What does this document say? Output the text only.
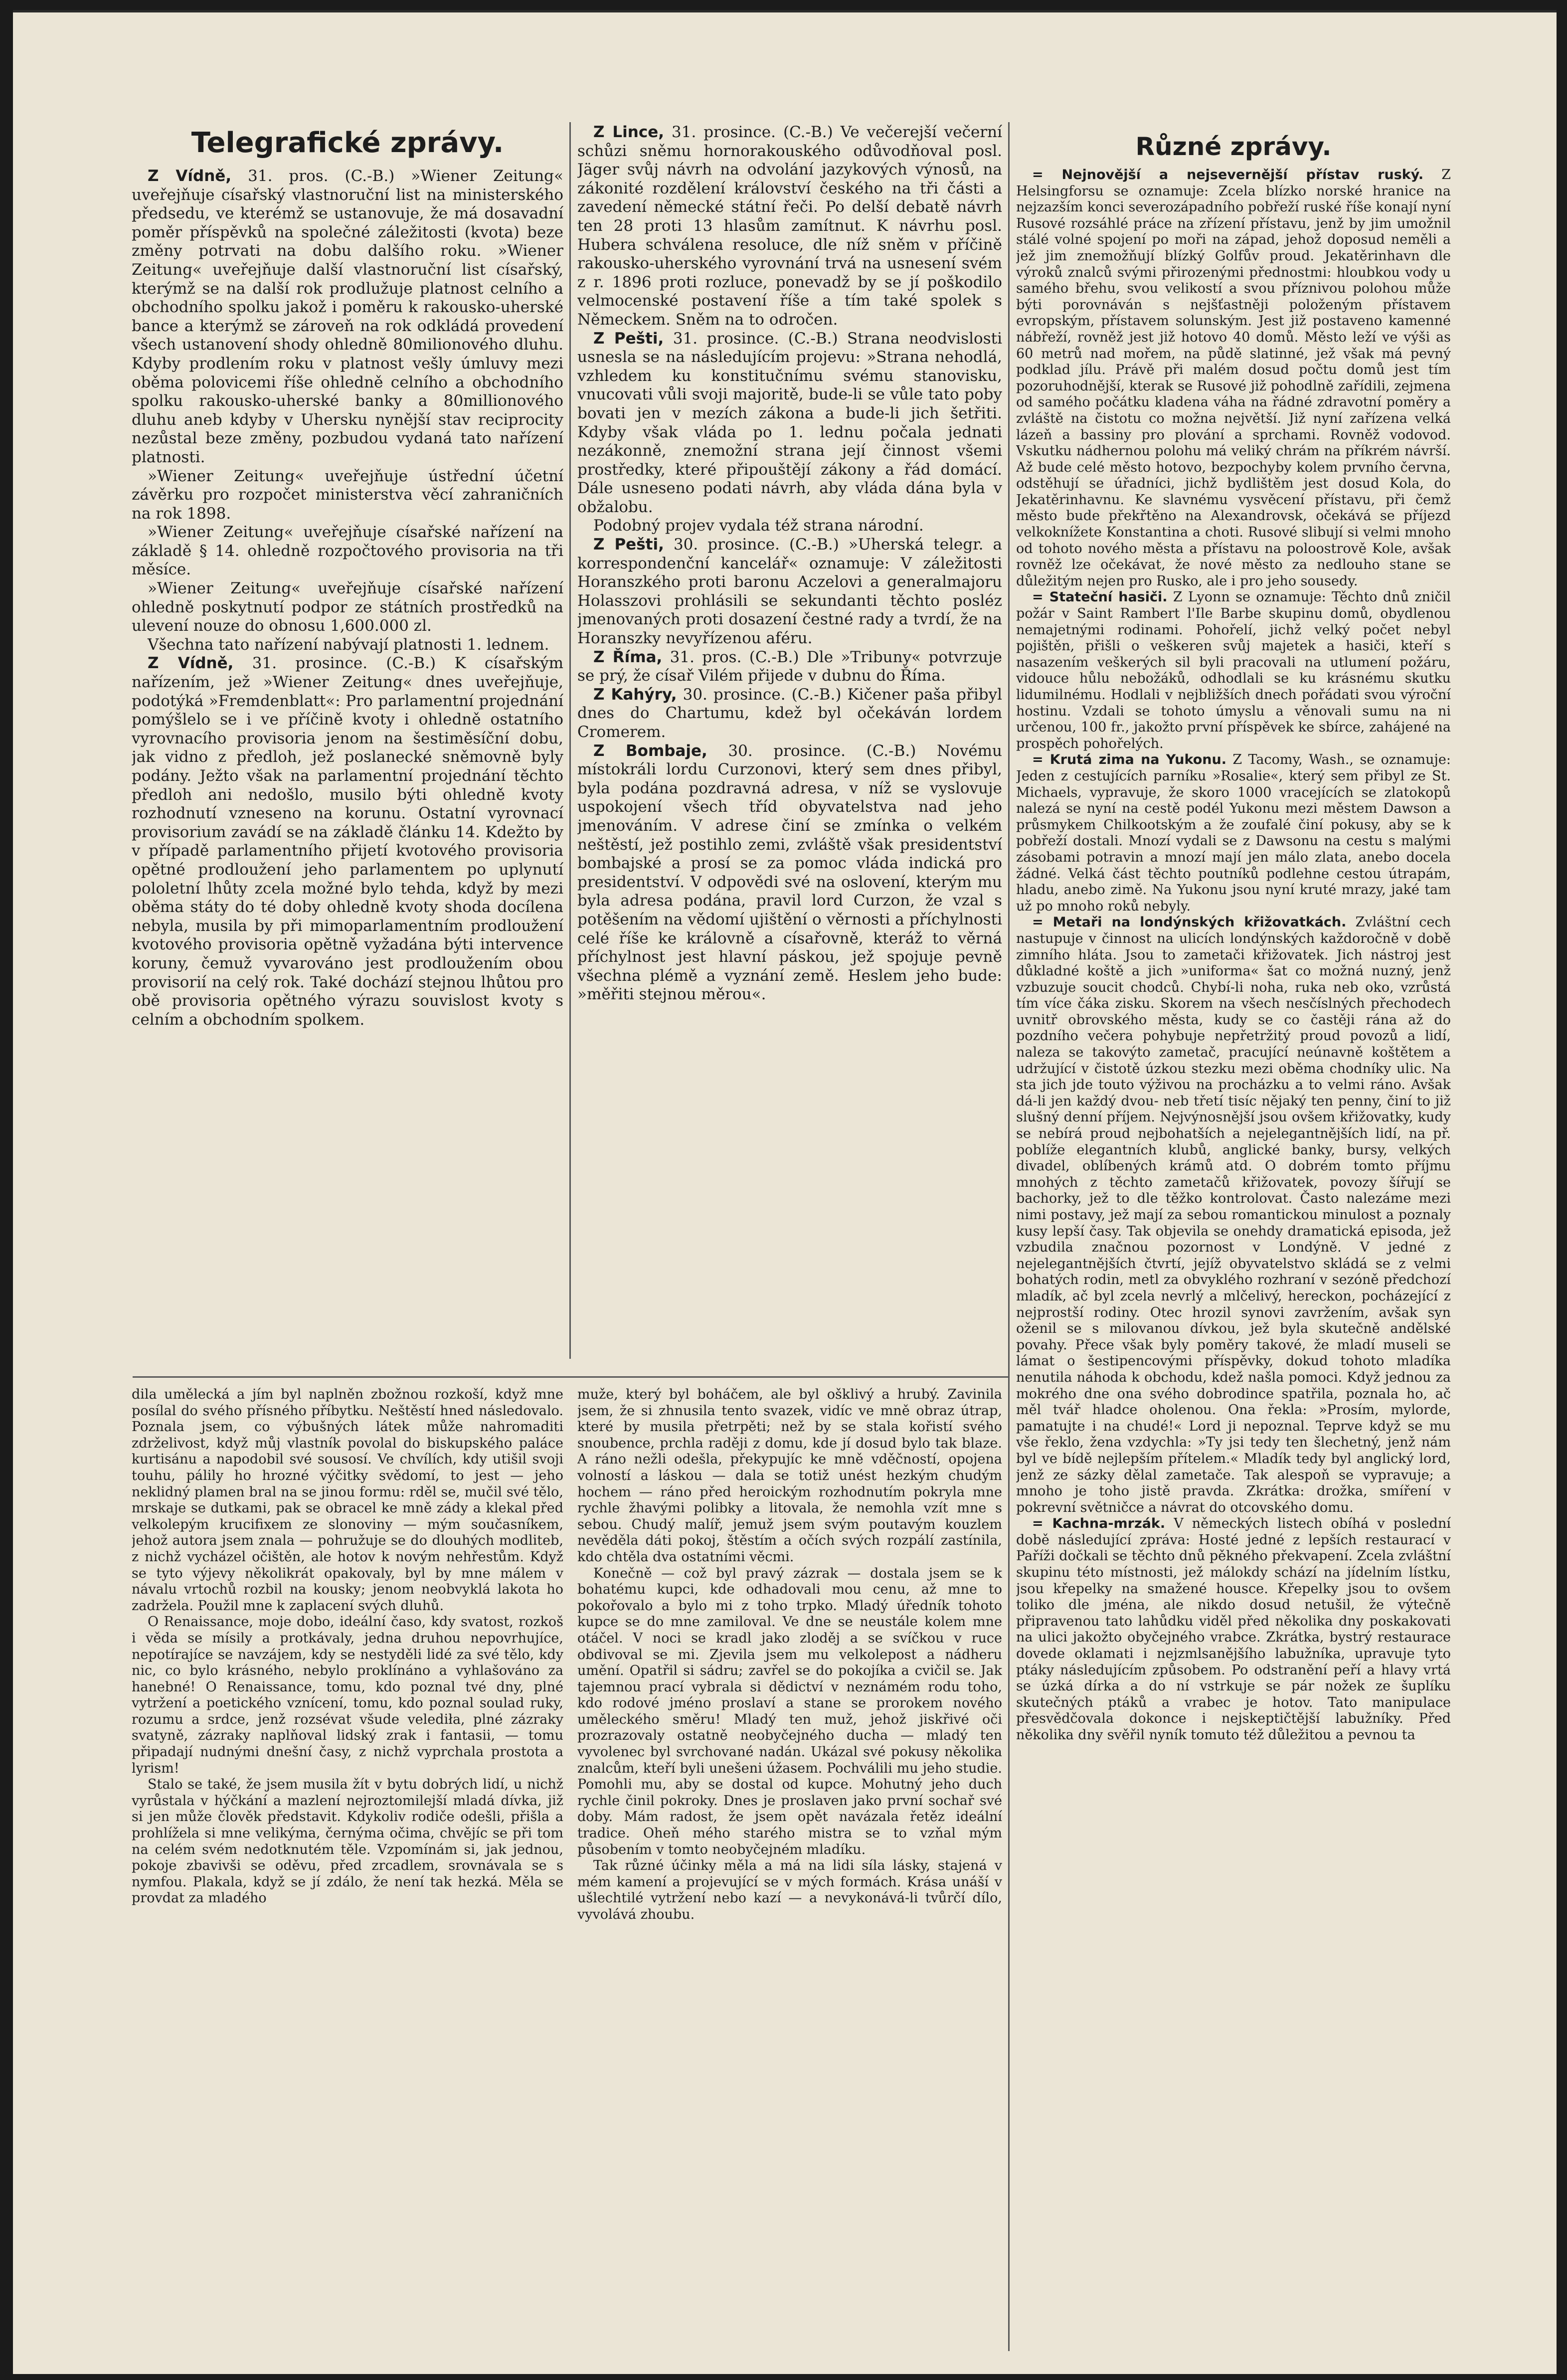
Telegrafické zprávy.

Z Vídně, 31. pros. (C.-B.) »Wiener Zeitung« uveřejňuje císařský vlastnoruční list na ministerského předsedu, ve kterémž se ustanovuje, že má dosavadní poměr příspěvků na společné záležitosti (kvota) beze změny potrvati na dobu dalšího roku. »Wiener Zeitung« uveřejňuje další vlastnoruční list císařský, kterýmž se na další rok prodlužuje platnost celního a obchodního spolku jakož i poměru k rakousko-uherské bance a kterýmž se zároveň na rok odkládá provedení všech ustanovení shody ohledně 80milionového dluhu. Kdyby prodlením roku v platnost vešly úmluvy mezi oběma polovicemi říše ohledně celního a obchodního spolku rakousko-uherské banky a 80millionového dluhu aneb kdyby v Uhersku nynější stav reciprocity nezůstal beze změny, pozbudou vydaná tato nařízení platnosti.

»Wiener Zeitung« uveřejňuje ústřední účetní závěrku pro rozpočet ministerstva věcí zahraničních na rok 1898.

»Wiener Zeitung« uveřejňuje císařské nařízení na základě § 14. ohledně rozpočtového provisoria na tři měsíce.

»Wiener Zeitung« uveřejňuje císařské nařízení ohledně poskytnutí podpor ze státních prostředků na ulevení nouze do obnosu 1,600.000 zl.

Všechna tato nařízení nabývají platnosti 1. lednem.

Z Vídně, 31. prosince. (C.-B.) K císařským nařízením, jež »Wiener Zeitung« dnes uveřejňuje, podotýká »Fremdenblatt«: Pro parlamentní projednání pomýšlelo se i ve příčině kvoty i ohledně ostatního vyrovnacího provisoria jenom na šestiměsíční dobu, jak vidno z předloh, jež poslanecké sněmovně byly podány. Ježto však na parlamentní projednání těchto předloh ani nedošlo, musilo býti ohledně kvoty rozhodnutí vzneseno na korunu. Ostatní vyrovnací provisorium zavádí se na základě článku 14. Kdežto by v případě parlamentního přijetí kvotového provisoria opětné prodloužení jeho parlamentem po uplynutí pololetní lhůty zcela možné bylo tehda, když by mezi oběma státy do té doby ohledně kvoty shoda docílena nebyla, musila by při mimoparlamentním prodloužení kvotového provisoria opětně vyžadána býti intervence koruny, čemuž vyvarováno jest prodloužením obou provisorií na celý rok. Také dochází stejnou lhůtou pro obě provisoria opětného výrazu souvislost kvoty s celním a obchodním spolkem.

Z Lince, 31. prosince. (C.-B.) Ve večerejší večerní schůzi sněmu hornorakouského odůvodňoval posl. Jäger svůj návrh na odvolání jazykových výnosů, na zákonité rozdělení království českého na tři části a zavedení německé státní řeči. Po delší debatě návrh ten 28 proti 13 hlasům zamítnut. K návrhu posl. Hubera schválena resoluce, dle níž sněm v příčině rakousko-uherského vyrovnání trvá na usnesení svém z r. 1896 proti rozluce, ponevadž by se jí poškodilo velmocenské postavení říše a tím také spolek s Německem. Sněm na to odročen.

Z Pešti, 31. prosince. (C.-B.) Strana neodvislosti usnesla se na následujícím projevu: »Strana nehodlá, vzhledem ku konstitučnímu svému stanovisku, vnucovati vůli svoji majoritě, bude-li se vůle tato poby bovati jen v mezích zákona a bude-li jich šetřiti. Kdyby však vláda po 1. lednu počala jednati nezákonně, znemožní strana její činnost všemi prostředky, které připouštějí zákony a řád domácí. Dále usneseno podati návrh, aby vláda dána byla v obžalobu.

Podobný projev vydala též strana národní.

Z Pešti, 30. prosince. (C.-B.) »Uherská telegr. a korrespondenční kancelář« oznamuje: V záležitosti Horanszkého proti baronu Aczelovi a generalmajoru Holasszovi prohlásili se sekundanti těchto posléz jmenovaných proti dosazení čestné rady a tvrdí, že na Horanszky nevyřízenou aféru.

Z Říma, 31. pros. (C.-B.) Dle »Tribuny« potvrzuje se prý, že císař Vilém přijede v dubnu do Říma.

Z Kahýry, 30. prosince. (C.-B.) Kičener paša přibyl dnes do Chartumu, kdež byl očekáván lordem Cromerem.

Z Bombaje, 30. prosince. (C.-B.) Novému místokráli lordu Curzonovi, který sem dnes přibyl, byla podána pozdravná adresa, v níž se vyslovuje uspokojení všech tříd obyvatelstva nad jeho jmenováním. V adrese činí se zmínka o velkém neštěstí, jež postihlo zemi, zvláště však presidentství bombajské a prosí se za pomoc vláda indická pro presidentství. V odpovědi své na oslovení, kterým mu byla adresa podána, pravil lord Curzon, že vzal s potěšením na vědomí ujištění o věrnosti a příchylnosti celé říše ke královně a císařovně, kteráž to věrná příchylnost jest hlavní páskou, jež spojuje pevně všechna plémě a vyznání země. Heslem jeho bude: »měřiti stejnou měrou«.

Různé zprávy.

= Nejnovější a nejsevernější přístav ruský. Z Helsingforsu se oznamuje: Zcela blízko norské hranice na nejzazším konci severozápadního pobřeží ruské říše konají nyní Rusové rozsáhlé práce na zřízení přístavu, jenž by jim umožnil stálé volné spojení po moři na západ, jehož doposud neměli a jež jim znemožňují blízký Golfův proud. Jekatěrinhavn dle výroků znalců svými přirozenými přednostmi: hloubkou vody u samého břehu, svou velikostí a svou příznivou polohou může býti porovnáván s nejšťastněji položeným přístavem evropským, přístavem solunským. Jest již postaveno kamenné nábřeží, rovněž jest již hotovo 40 domů. Město leží ve výši as 60 metrů nad mořem, na půdě slatinné, jež však má pevný podklad jílu. Právě při malém dosud počtu domů jest tím pozoruhodnější, kterak se Rusové již pohodlně zařídili, zejmena od samého počátku kladena váha na řádné zdravotní poměry a zvláště na čistotu co možna největší. Již nyní zařízena velká lázeň a bassiny pro plování a sprchami. Rovněž vodovod. Vskutku nádhernou polohu má veliký chrám na příkrém návrší. Až bude celé město hotovo, bezpochyby kolem prvního června, odstěhují se úřadníci, jichž bydlištěm jest dosud Kola, do Jekatěrinhavnu. Ke slavnému vysvěcení přístavu, při čemž město bude překřtěno na Alexandrovsk, očekává se příjezd velkoknížete Konstantina a choti. Rusové slibují si velmi mnoho od tohoto nového města a přístavu na poloostrově Kole, avšak rovněž lze očekávat, že nové město za nedlouho stane se důležitým nejen pro Rusko, ale i pro jeho sousedy.

= Stateční hasiči. Z Lyonn se oznamuje: Těchto dnů zničil požár v Saint Rambert l'Ile Barbe skupinu domů, obydlenou nemajetnými rodinami. Pohořelí, jichž velký počet nebyl pojištěn, přišli o veškeren svůj majetek a hasiči, kteří s nasazením veškerých sil byli pracovali na utlumení požáru, vidouce hůlu nebožáků, odhodlali se ku krásnému skutku lidumilnému. Hodlali v nejbližších dnech pořádati svou výroční hostinu. Vzdali se tohoto úmyslu a věnovali sumu na ni určenou, 100 fr., jakožto první příspěvek ke sbírce, zahájené na prospěch pohořelých.

= Krutá zima na Yukonu. Z Tacomy, Wash., se oznamuje: Jeden z cestujících parníku »Rosalie«, který sem přibyl ze St. Michaels, vypravuje, že skoro 1000 vracejících se zlatokopů nalezá se nyní na cestě podél Yukonu mezi městem Dawson a průsmykem Chilkootským a že zoufalé činí pokusy, aby se k pobřeží dostali. Mnozí vydali se z Dawsonu na cestu s malými zásobami potravin a mnozí mají jen málo zlata, anebo docela žádné. Velká část těchto poutníků podlehne cestou útrapám, hladu, anebo zimě. Na Yukonu jsou nyní kruté mrazy, jaké tam už po mnoho roků nebyly.

= Metaři na londýnských křižovatkách. Zvláštní cech nastupuje v činnost na ulicích londýnských každoročně v době zimního hláta. Jsou to zametači křižovatek. Jich nástroj jest důkladné koště a jich »uniforma« šat co možná nuzný, jenž vzbuzuje soucit chodců. Chybí-li noha, ruka neb oko, vzrůstá tím více čáka zisku. Skorem na všech nesčíslných přechodech uvnitř obrovského města, kudy se co častěji rána až do pozdního večera pohybuje nepřetržitý proud povozů a lidí, naleza se takovýto zametač, pracující neúnavně koštětem a udržující v čistotě úzkou stezku mezi oběma chodníky ulic. Na sta jich jde touto výživou na procházku a to velmi ráno. Avšak dá-li jen každý dvou- neb třetí tisíc nějaký ten penny, činí to již slušný denní příjem. Nejvýnosnější jsou ovšem křižovatky, kudy se nebírá proud nejbohatších a nejelegantnějších lidí, na př. poblíže elegantních klubů, anglické banky, bursy, velkých divadel, oblíbených krámů atd. O dobrém tomto příjmu mnohých z těchto zametačů křižovatek, povozy šířují se bachorky, jež to dle těžko kontrolovat. Často nalezáme mezi nimi postavy, jež mají za sebou romantickou minulost a poznaly kusy lepší časy. Tak objevila se onehdy dramatická episoda, jež vzbudila značnou pozornost v Londýně. V jedné z nejelegantnějších čtvrtí, jejíž obyvatelstvo skládá se z velmi bohatých rodin, metl za obvyklého rozhraní v sezóně předchozí mladík, ač byl zcela nevrlý a mlčelivý, hereckon, pocházející z nejprostší rodiny. Otec hrozil synovi zavržením, avšak syn oženil se s milovanou dívkou, jež byla skutečně andělské povahy. Přece však byly poměry takové, že mladí museli se lámat o šestipencovými příspěvky, dokud tohoto mladíka nenutila náhoda k obchodu, kdež našla pomoci. Když jednou za mokrého dne ona svého dobrodince spatřila, poznala ho, ač měl tvář hladce oholenou. Ona řekla: »Prosím, mylorde, pamatujte i na chudé!« Lord ji nepoznal. Teprve když se mu vše řeklo, žena vzdychla: »Ty jsi tedy ten šlechetný, jenž nám byl ve bídě nejlepším přítelem.« Mladík tedy byl anglický lord, jenž ze sázky dělal zametače. Tak alespoň se vypravuje; a mnoho je toho jistě pravda. Zkrátka: drožka, smíření v pokrevní světničce a návrat do otcovského domu.

= Kachna-mrzák. V německých listech obíhá v poslední době následující zpráva: Hosté jedné z lepších restaurací v Paříži dočkali se těchto dnů pěkného překvapení. Zcela zvláštní skupinu této místnosti, jež málokdy schází na jídelním lístku, jsou křepelky na smažené housce. Křepelky jsou to ovšem toliko dle jména, ale nikdo dosud netušil, že výtečně připravenou tato lahůdku viděl před několika dny poskakovati na ulici jakožto obyčejného vrabce. Zkrátka, bystrý restaurace dovede oklamati i nejzmlsanějšího labužníka, upravuje tyto ptáky následujícím způsobem. Po odstranění peří a hlavy vrtá se úzká dírka a do ní vstrkuje se pár nožek ze šuplíku skutečných ptáků a vrabec je hotov. Tato manipulace přesvědčovala dokonce i nejskeptičtější labužníky. Před několika dny svěřil nyník tomuto též důležitou a pevnou ta

dila umělecká a jím byl naplněn zbožnou rozkoší, když mne posílal do svého přísného příbytku. Neštěstí hned následovalo. Poznala jsem, co výbušných látek může nahromaditi zdrželivost, když můj vlastník povolal do biskupského paláce kurtisánu a napodobil své sousosí. Ve chvílích, kdy utišil svoji touhu, pálily ho hrozné výčitky svědomí, to jest — jeho neklidný plamen bral na se jinou formu: rděl se, mučil své tělo, mrskaje se dutkami, pak se obracel ke mně zády a klekal před velkolepým krucifixem ze slonoviny — mým současníkem, jehož autora jsem znala — pohružuje se do dlouhých modliteb, z nichž vycházel očištěn, ale hotov k novým nehřestům. Když se tyto výjevy několikrát opakovaly, byl by mne málem v návalu vrtochů rozbil na kousky; jenom neobvyklá lakota ho zadržela. Použil mne k zaplacení svých dluhů.

O Renaissance, moje dobo, ideální časo, kdy svatost, rozkoš i věda se mísily a protkávaly, jedna druhou nepovrhujíce, nepotírajíce se navzájem, kdy se nestyděli lidé za své tělo, kdy nic, co bylo krásného, nebylo proklínáno a vyhlašováno za hanebné! O Renaissance, tomu, kdo poznal tvé dny, plné vytržení a poetického vznícení, tomu, kdo poznal soulad ruky, rozumu a srdce, jenž rozsévat všude velediła, plné zázraky svatyně, zázraky naplňoval lidský zrak i fantasii, — tomu připadají nudnými dnešní časy, z nichž vyprchala prostota a lyrism!

Stalo se také, že jsem musila žít v bytu dobrých lidí, u nichž vyrůstala v hýčkání a mazlení nejroztomilejší mladá dívka, již si jen může člověk představit. Kdykoliv rodiče odešli, přišla a prohlížela si mne velikýma, černýma očima, chvějíc se při tom na celém svém nedotknutém těle. Vzpomínám si, jak jednou, pokoje zbavivši se oděvu, před zrcadlem, srovnávala se s nymfou. Plakala, když se jí zdálo, že není tak hezká. Měla se provdat za mladého

muže, který byl boháčem, ale byl ošklivý a hrubý. Zavinila jsem, že si zhnusila tento svazek, vidíc ve mně obraz útrap, které by musila přetrpěti; než by se stala kořistí svého snoubence, prchla raději z domu, kde jí dosud bylo tak blaze. A ráno nežli odešla, překypujíc ke mně vděčností, opojena volností a láskou — dala se totiž unést hezkým chudým hochem — ráno před heroickým rozhodnutím pokryla mne rychle žhavými polibky a litovala, že nemohla vzít mne s sebou. Chudý malíř, jemuž jsem svým poutavým kouzlem nevěděla dáti pokoj, štěstím a očích svých rozpálí zastínila, kdo chtěla dva ostatními věcmi.

Konečně — což byl pravý zázrak — dostala jsem se k bohatému kupci, kde odhadovali mou cenu, až mne to pokořovalo a bylo mi z toho trpko. Mladý úředník tohoto kupce se do mne zamiloval. Ve dne se neustále kolem mne otáčel. V noci se kradl jako zloděj a se svíčkou v ruce obdivoval se mi. Zjevila jsem mu velkolepost a nádheru umění. Opatřil si sádru; zavřel se do pokojíka a cvičil se. Jak tajemnou prací vybrala si dědictví v neznámém rodu toho, kdo rodové jméno proslaví a stane se prorokem nového uměleckého směru! Mladý ten muž, jehož jiskřivé oči prozrazovaly ostatně neobyčejného ducha — mladý ten vyvolenec byl svrchované nadán. Ukázal své pokusy několika znalcům, kteří byli unešeni úžasem. Pochválili mu jeho studie. Pomohli mu, aby se dostal od kupce. Mohutný jeho duch rychle činil pokroky. Dnes je proslaven jako první sochař své doby. Mám radost, že jsem opět navázala řetěz ideální tradice. Oheň mého starého mistra se to vzňal mým působením v tomto neobyčejném mladíku.

Tak různé účinky měla a má na lidi síla lásky, stajená v mém kamení a projevující se v mých formách. Krása unáší v ušlechtilé vytržení nebo kazí — a nevykonává-li tvůrčí dílo, vyvolává zhoubu.
